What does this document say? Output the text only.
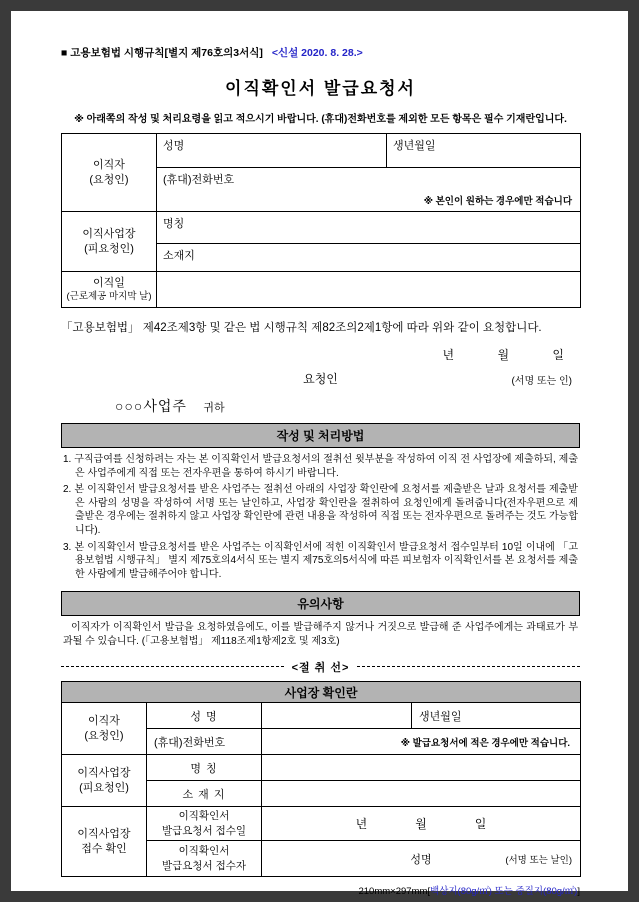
■ 고용보험법 시행규칙[별지 제76호의3서식] <신설 2020. 8. 28.>
이직확인서 발급요청서
※ 아래쪽의 작성 및 처리요령을 읽고 적으시기 바랍니다. (휴대)전화번호를 제외한 모든 항목은 필수 기재란입니다.
이직자
(요청인)	성명	생년월일
	(휴대)전화번호
※ 본인이 원하는 경우에만 적습니다	

이직사업장
(피요청인)	명칭	
	소재지	

이직일
(근로제공 마지막 날)		

「고용보험법」 제42조제3항 및 같은 법 시행규칙 제82조의2제1항에 따라 위와 같이 요청합니다.
년	월	일
요청인	(서명 또는 인)
○○○사업주 귀하
작성 및 처리방법

1. 구직급여를 신청하려는 자는 본 이직확인서 발급요청서의 절취선 윗부분을 작성하여 이직 전 사업장에 제출하되, 제출은 사업주에게 직접 또는 전자우편을 통하여 하시기 바랍니다.

2. 본 이직확인서 발급요청서를 받은 사업주는 절취선 아래의 사업장 확인란에 요청서를 제출받은 날과 요청서를 제출받은 사람의 성명을 작성하여 서명 또는 날인하고, 사업장 확인란을 절취하여 요청인에게 돌려줍니다(전자우편으로 제출받은 경우에는 절취하지 않고 사업장 확인란에 관련 내용을 작성하여 직접 또는 전자우편으로 돌려주는 것도 가능합니다).

3. 본 이직확인서 발급요청서를 받은 사업주는 이직확인서에 적힌 이직확인서 발급요청서 접수일부터 10일 이내에 「고용보험법 시행규칙」 별지 제75호의4서식 또는 별지 제75호의5서식에 따른 피보험자 이직확인서를 본 요청서를 제출한 사람에게 발급해주어야 합니다.

유의사항

이직자가 이직확인서 발급을 요청하였음에도, 이를 발급해주지 않거나 거짓으로 발급해 준 사업주에게는 과태료가 부과될 수 있습니다. (「고용보험법」 제118조제1항제2호 및 제3호)

<절 취 선>
사업장 확인란			

이직자
(요청인)	성 명		생년월일
	(휴대)전화번호	※ 발급요청서에 적은 경우에만 적습니다.	

이직사업장
(피요청인)	명 칭		
	소 재 지		

이직사업장
접수 확인

이직확인서
발급요청서 접수일	년	월	일

이직확인서
발급요청서 접수자	성명	(서명 또는 날인)
210mm×297mm[백상지(80g/㎡) 또는 중질지(80g/㎡)]
